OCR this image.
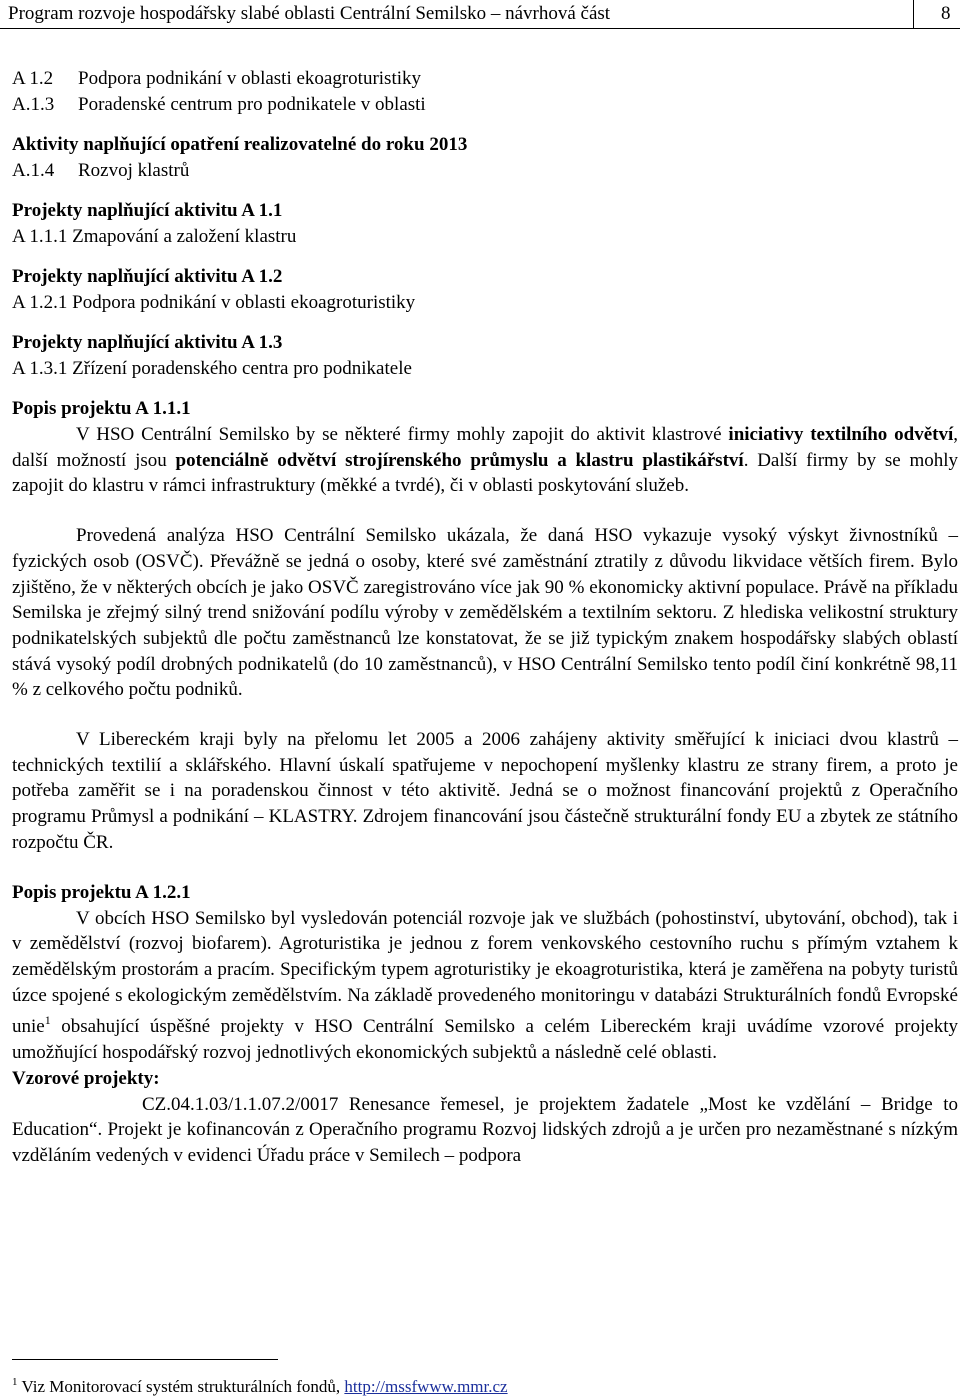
Program rozvoje hospodářsky slabé oblasti Centrální Semilsko – návrhová část	8
A 1.2 Podpora podnikání v oblasti ekoagroturistiky
A.1.3 Poradenské centrum pro podnikatele v oblasti
Aktivity naplňující opatření realizovatelné do roku 2013
A.1.4 Rozvoj klastrů
Projekty naplňující aktivitu A 1.1
A 1.1.1 Zmapování a založení klastru
Projekty naplňující aktivitu A 1.2
A 1.2.1 Podpora podnikání v oblasti ekoagroturistiky
Projekty naplňující aktivitu A 1.3
A 1.3.1 Zřízení poradenského centra pro podnikatele
Popis projektu A 1.1.1
V HSO Centrální Semilsko by se některé firmy mohly zapojit do aktivit klastrové iniciativy textilního odvětví, další možností jsou potenciálně odvětví strojírenského průmyslu a klastru plastikářství. Další firmy by se mohly zapojit do klastru v rámci infrastruktury (měkké a tvrdé), či v oblasti poskytování služeb.
Provedená analýza HSO Centrální Semilsko ukázala, že daná HSO vykazuje vysoký výskyt živnostníků – fyzických osob (OSVČ). Převážně se jedná o osoby, které své zaměstnání ztratily z důvodu likvidace větších firem. Bylo zjištěno, že v některých obcích je jako OSVČ zaregistrováno více jak 90 % ekonomicky aktivní populace. Právě na příkladu Semilska je zřejmý silný trend snižování podílu výroby v zemědělském a textilním sektoru. Z hlediska velikostní struktury podnikatelských subjektů dle počtu zaměstnanců lze konstatovat, že se již typickým znakem hospodářsky slabých oblastí stává vysoký podíl drobných podnikatelů (do 10 zaměstnanců), v HSO Centrální Semilsko tento podíl činí konkrétně 98,11 % z celkového počtu podniků.
V Libereckém kraji byly na přelomu let 2005 a 2006 zahájeny aktivity směřující k iniciaci dvou klastrů – technických textilií a sklářského. Hlavní úskalí spatřujeme v nepochopení myšlenky klastru ze strany firem, a proto je potřeba zaměřit se i na poradenskou činnost v této aktivitě. Jedná se o možnost financování projektů z Operačního programu Průmysl a podnikání – KLASTRY. Zdrojem financování jsou částečně strukturální fondy EU a zbytek ze státního rozpočtu ČR.
Popis projektu A 1.2.1
V obcích HSO Semilsko byl vysledován potenciál rozvoje jak ve službách (pohostinství, ubytování, obchod), tak i v zemědělství (rozvoj biofarem). Agroturistika je jednou z forem venkovského cestovního ruchu s přímým vztahem k zemědělským prostorám a pracím. Specifickým typem agroturistiky je ekoagroturistika, která je zaměřena na pobyty turistů úzce spojené s ekologickým zemědělstvím. Na základě provedeného monitoringu v databázi Strukturálních fondů Evropské unie$^1$ obsahující úspěšné projekty v HSO Centrální Semilsko a celém Libereckém kraji uvádíme vzorové projekty umožňující hospodářský rozvoj jednotlivých ekonomických subjektů a následně celé oblasti.
Vzorové projekty:
CZ.04.1.03/1.1.07.2/0017 Renesance řemesel, je projektem žadatele „Most ke vzdělání – Bridge to Education“. Projekt je kofinancován z Operačního programu Rozvoj lidských zdrojů a je určen pro nezaměstnané s nízkým vzděláním vedených v evidenci Úřadu práce v Semilech – podpora
$^1$ Viz Monitorovací systém strukturálních fondů, http://mssfwww.mmr.cz
